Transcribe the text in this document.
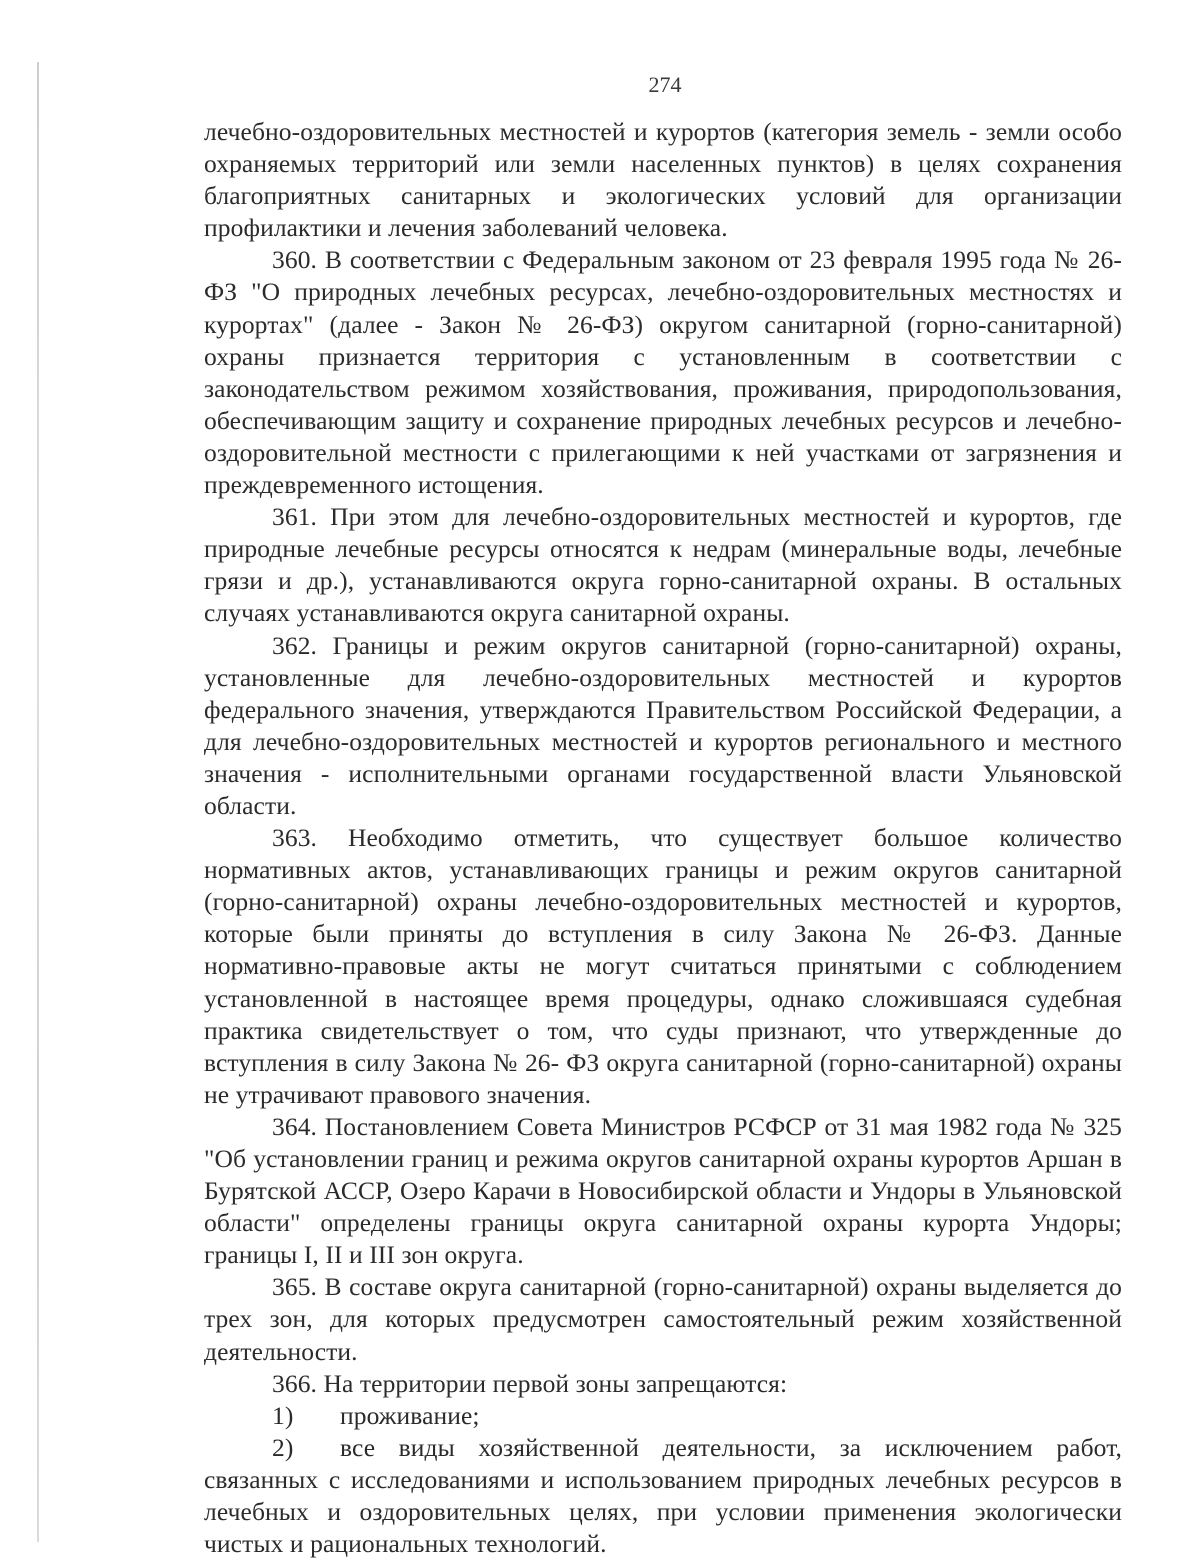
274

лечебно-оздоровительных местностей и курортов (категория земель - земли особо охраняемых территорий или земли населенных пунктов) в целях сохранения благоприятных санитарных и экологических условий для организации профилактики и лечения заболеваний человека.

360. В соответствии с Федеральным законом от 23 февраля 1995 года № 26-ФЗ "О природных лечебных ресурсах, лечебно-оздоровительных местностях и курортах" (далее - Закон № 26-ФЗ) округом санитарной (горно-санитарной) охраны признается территория с установленным в соответствии с законодательством режимом хозяйствования, проживания, природопользования, обеспечивающим защиту и сохранение природных лечебных ресурсов и лечебно-оздоровительной местности с прилегающими к ней участками от загрязнения и преждевременного истощения.

361. При этом для лечебно-оздоровительных местностей и курортов, где природные лечебные ресурсы относятся к недрам (минеральные воды, лечебные грязи и др.), устанавливаются округа горно-санитарной охраны. В остальных случаях устанавливаются округа санитарной охраны.

362. Границы и режим округов санитарной (горно-санитарной) охраны, установленные для лечебно-оздоровительных местностей и курортов федерального значения, утверждаются Правительством Российской Федерации, а для лечебно-оздоровительных местностей и курортов регионального и местного значения - исполнительными органами государственной власти Ульяновской области.

363. Необходимо отметить, что существует большое количество нормативных актов, устанавливающих границы и режим округов санитарной (горно-санитарной) охраны лечебно-оздоровительных местностей и курортов, которые были приняты до вступления в силу Закона № 26-ФЗ. Данные нормативно-правовые акты не могут считаться принятыми с соблюдением установленной в настоящее время процедуры, однако сложившаяся судебная практика свидетельствует о том, что суды признают, что утвержденные до вступления в силу Закона № 26- ФЗ округа санитарной (горно-санитарной) охраны не утрачивают правового значения.

364. Постановлением Совета Министров РСФСР от 31 мая 1982 года № 325 "Об установлении границ и режима округов санитарной охраны курортов Аршан в Бурятской АССР, Озеро Карачи в Новосибирской области и Ундоры в Ульяновской области" определены границы округа санитарной охраны курорта Ундоры; границы I, II и III зон округа.

365. В составе округа санитарной (горно-санитарной) охраны выделяется до трех зон, для которых предусмотрен самостоятельный режим хозяйственной деятельности.

366. На территории первой зоны запрещаются:

1) проживание;

2) все виды хозяйственной деятельности, за исключением работ, связанных с исследованиями и использованием природных лечебных ресурсов в лечебных и оздоровительных целях, при условии применения экологически чистых и рациональных технологий.
